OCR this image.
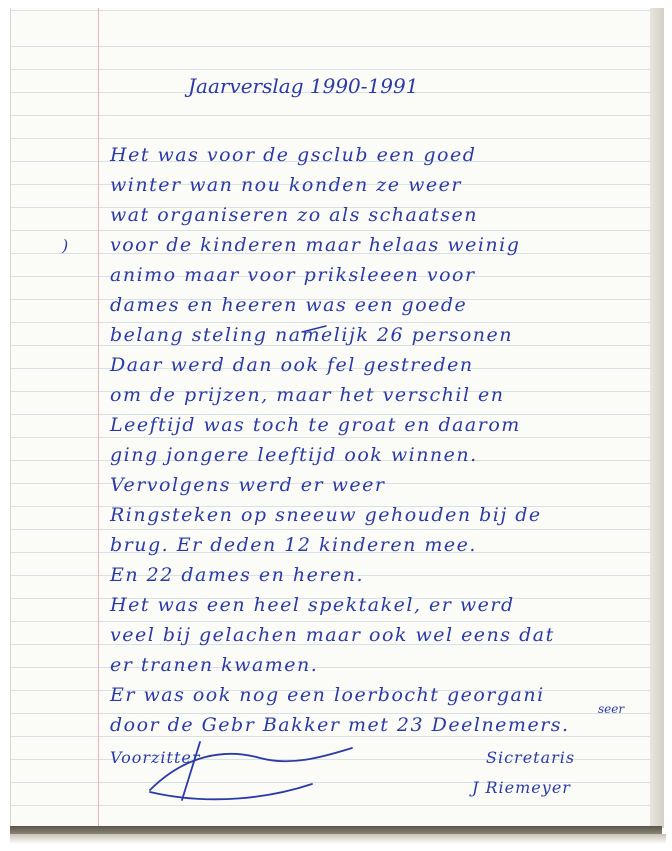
Jaarverslag 1990-1991

)

Het was voor de gsclub een goed

winter wan nou konden ze weer

wat organiseren zo als schaatsen

voor de kinderen maar helaas weinig

animo maar voor priksleeen voor

dames en heeren was een goede

belang steling namelijk 26 personen

Daar werd dan ook fel gestreden

om de prijzen, maar het verschil en

Leeftijd was toch te groat en daarom

ging jongere leeftijd ook winnen.

Vervolgens werd er weer

Ringsteken op sneeuw gehouden bij de

brug. Er deden 12 kinderen mee.

En 22 dames en heren.

Het was een heel spektakel, er werd

veel bij gelachen maar ook wel eens dat

er tranen kwamen.

Er was ook nog een loerbocht georgani

door de Gebr Bakker met 23 Deelnemers.

seer

Voorzitter	Sicretaris

J Riemeyer
